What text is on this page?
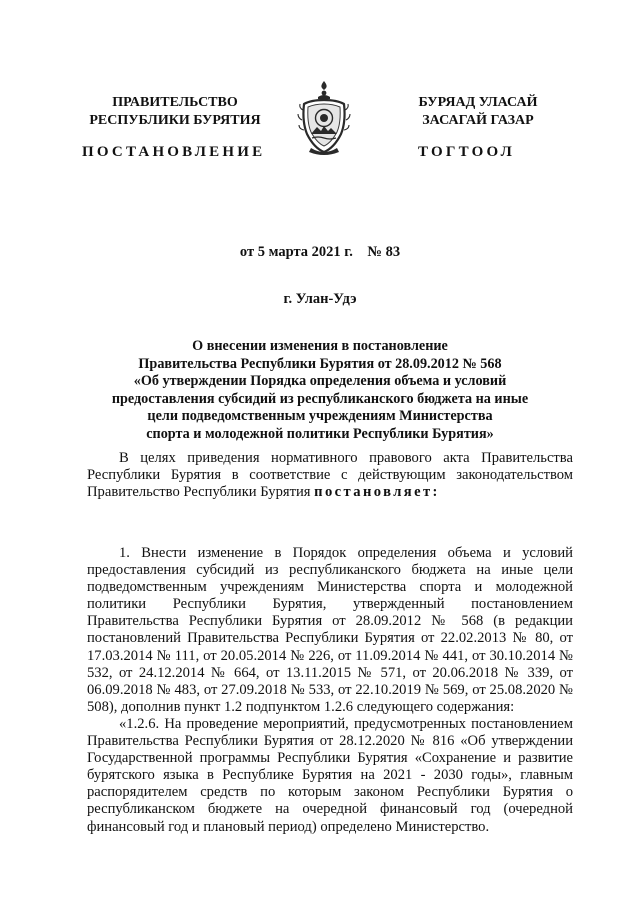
ПРАВИТЕЛЬСТВО
РЕСПУБЛИКИ БУРЯТИЯ
БУРЯАД УЛАСАЙ
ЗАСАГАЙ ГАЗАР
ПОСТАНОВЛЕНИЕ	ТОГТООЛ
от 5 марта 2021 г.    № 83
г. Улан-Удэ
О внесении изменения в постановление
Правительства Республики Бурятия от 28.09.2012 № 568
«Об утверждении Порядка определения объема и условий
предоставления субсидий из республиканского бюджета на иные
цели подведомственным учреждениям Министерства
спорта и молодежной политики Республики Бурятия»

В целях приведения нормативного правового акта Правительства Республики Бурятия в соответствие с действующим законодательством Правительство Республики Бурятия постановляет:

1. Внести изменение в Порядок определения объема и условий предоставления субсидий из республиканского бюджета на иные цели подведомственным учреждениям Министерства спорта и молодежной политики Республики Бурятия, утвержденный постановлением Правительства Республики Бурятия от 28.09.2012 № 568 (в редакции постановлений Правительства Республики Бурятия от 22.02.2013 № 80, от 17.03.2014 № 111, от 20.05.2014 № 226, от 11.09.2014 № 441, от 30.10.2014 № 532, от 24.12.2014 № 664, от 13.11.2015 № 571, от 20.06.2018 № 339, от 06.09.2018 № 483, от 27.09.2018 № 533, от 22.10.2019 № 569, от 25.08.2020 № 508), дополнив пункт 1.2 подпунктом 1.2.6 следующего содержания:

«1.2.6. На проведение мероприятий, предусмотренных постановлением Правительства Республики Бурятия от 28.12.2020 № 816 «Об утверждении Государственной программы Республики Бурятия «Сохранение и развитие бурятского языка в Республике Бурятия на 2021 - 2030 годы», главным распорядителем средств по которым законом Республики Бурятия о республиканском бюджете на очередной финансовый год (очередной финансовый год и плановый период) определено Министерство.
